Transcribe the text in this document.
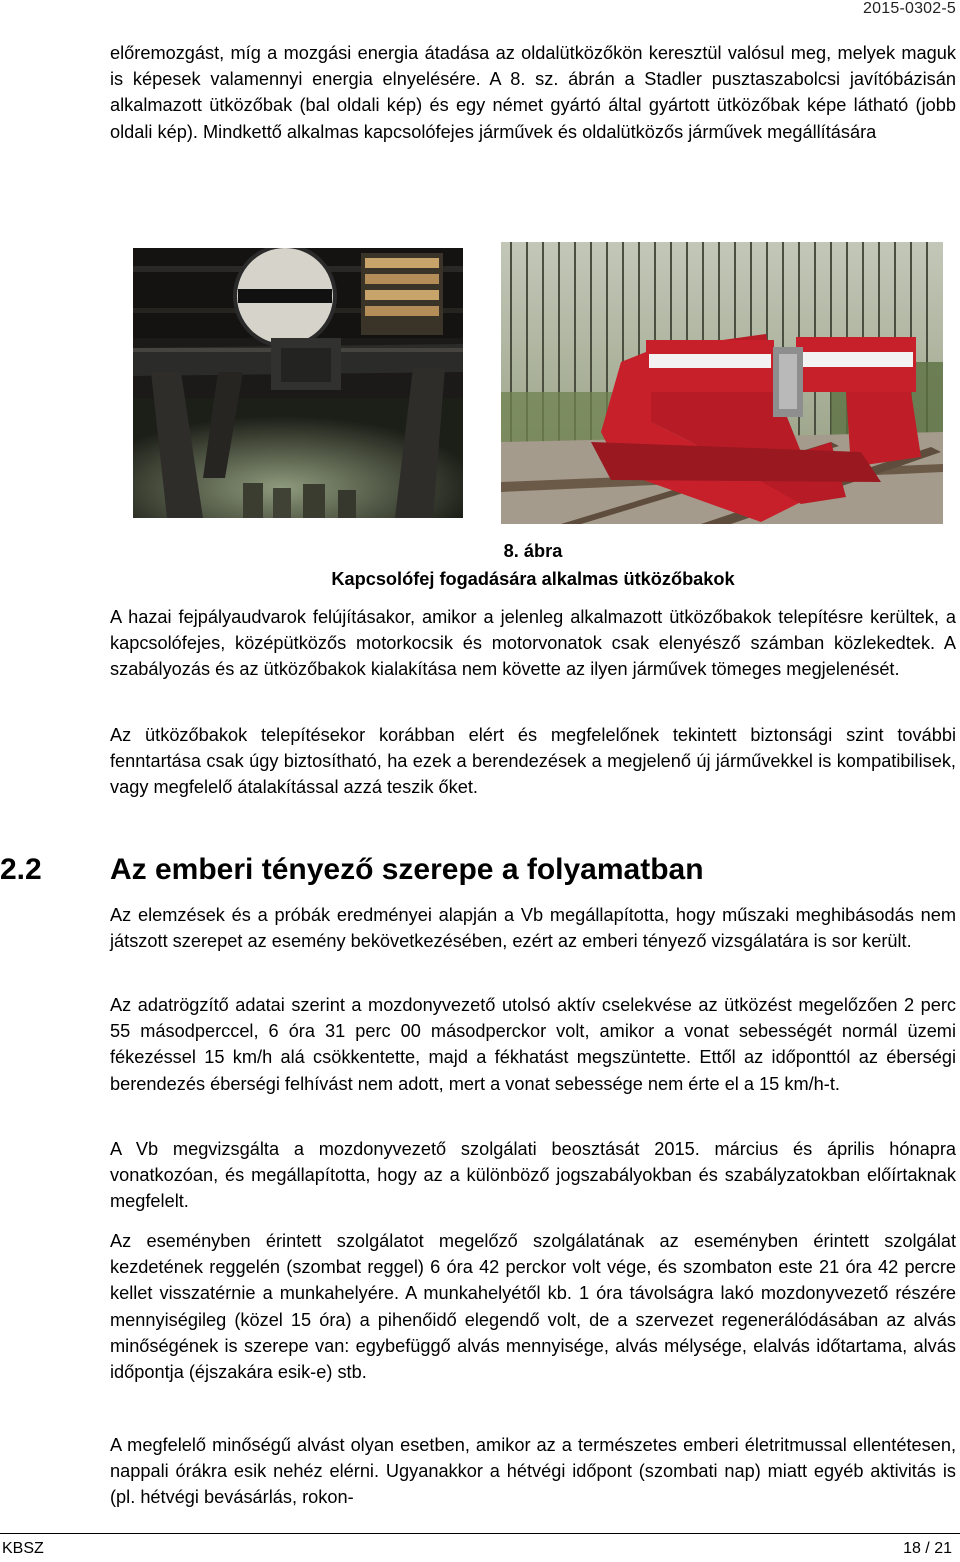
2015-0302-5

előremozgást, míg a mozgási energia átadása az oldalütközőkön keresztül valósul meg, melyek maguk is képesek valamennyi energia elnyelésére. A 8. sz. ábrán a Stadler pusztaszabolcsi javítóbázisán alkalmazott ütközőbak (bal oldali kép) és egy német gyártó által gyártott ütközőbak képe látható (jobb oldali kép). Mindkettő alkalmas kapcsolófejes járművek és oldalütközős járművek megállítására

8. ábra

Kapcsolófej fogadására alkalmas ütközőbakok

A hazai fejpályaudvarok felújításakor, amikor a jelenleg alkalmazott ütközőbakok telepítésre kerültek, a kapcsolófejes, középütközős motorkocsik és motorvonatok csak elenyésző számban közlekedtek. A szabályozás és az ütközőbakok kialakítása nem követte az ilyen járművek tömeges megjelenését.

Az ütközőbakok telepítésekor korábban elért és megfelelőnek tekintett biztonsági szint további fenntartása csak úgy biztosítható, ha ezek a berendezések a megjelenő új járművekkel is kompatibilisek, vagy megfelelő átalakítással azzá teszik őket.

2.2 Az emberi tényező szerepe a folyamatban

Az elemzések és a próbák eredményei alapján a Vb megállapította, hogy műszaki meghibásodás nem játszott szerepet az esemény bekövetkezésében, ezért az emberi tényező vizsgálatára is sor került.

Az adatrögzítő adatai szerint a mozdonyvezető utolsó aktív cselekvése az ütközést megelőzően 2 perc 55 másodperccel, 6 óra 31 perc 00 másodperckor volt, amikor a vonat sebességét normál üzemi fékezéssel 15 km/h alá csökkentette, majd a fékhatást megszüntette. Ettől az időponttól az éberségi berendezés éberségi felhívást nem adott, mert a vonat sebessége nem érte el a 15 km/h-t.

A Vb megvizsgálta a mozdonyvezető szolgálati beosztását 2015. március és április hónapra vonatkozóan, és megállapította, hogy az a különböző jogszabályokban és szabályzatokban előírtaknak megfelelt.

Az eseményben érintett szolgálatot megelőző szolgálatának az eseményben érintett szolgálat kezdetének reggelén (szombat reggel) 6 óra 42 perckor volt vége, és szombaton este 21 óra 42 percre kellet visszatérnie a munkahelyére. A munkahelyétől kb. 1 óra távolságra lakó mozdonyvezető részére mennyiségileg (közel 15 óra) a pihenőidő elegendő volt, de a szervezet regenerálódásában az alvás minőségének is szerepe van: egybefüggő alvás mennyisége, alvás mélysége, elalvás időtartama, alvás időpontja (éjszakára esik-e) stb.

A megfelelő minőségű alvást olyan esetben, amikor az a természetes emberi életritmussal ellentétesen, nappali órákra esik nehéz elérni. Ugyanakkor a hétvégi időpont (szombati nap) miatt egyéb aktivitás is (pl. hétvégi bevásárlás, rokon-

KBSZ	18 / 21
